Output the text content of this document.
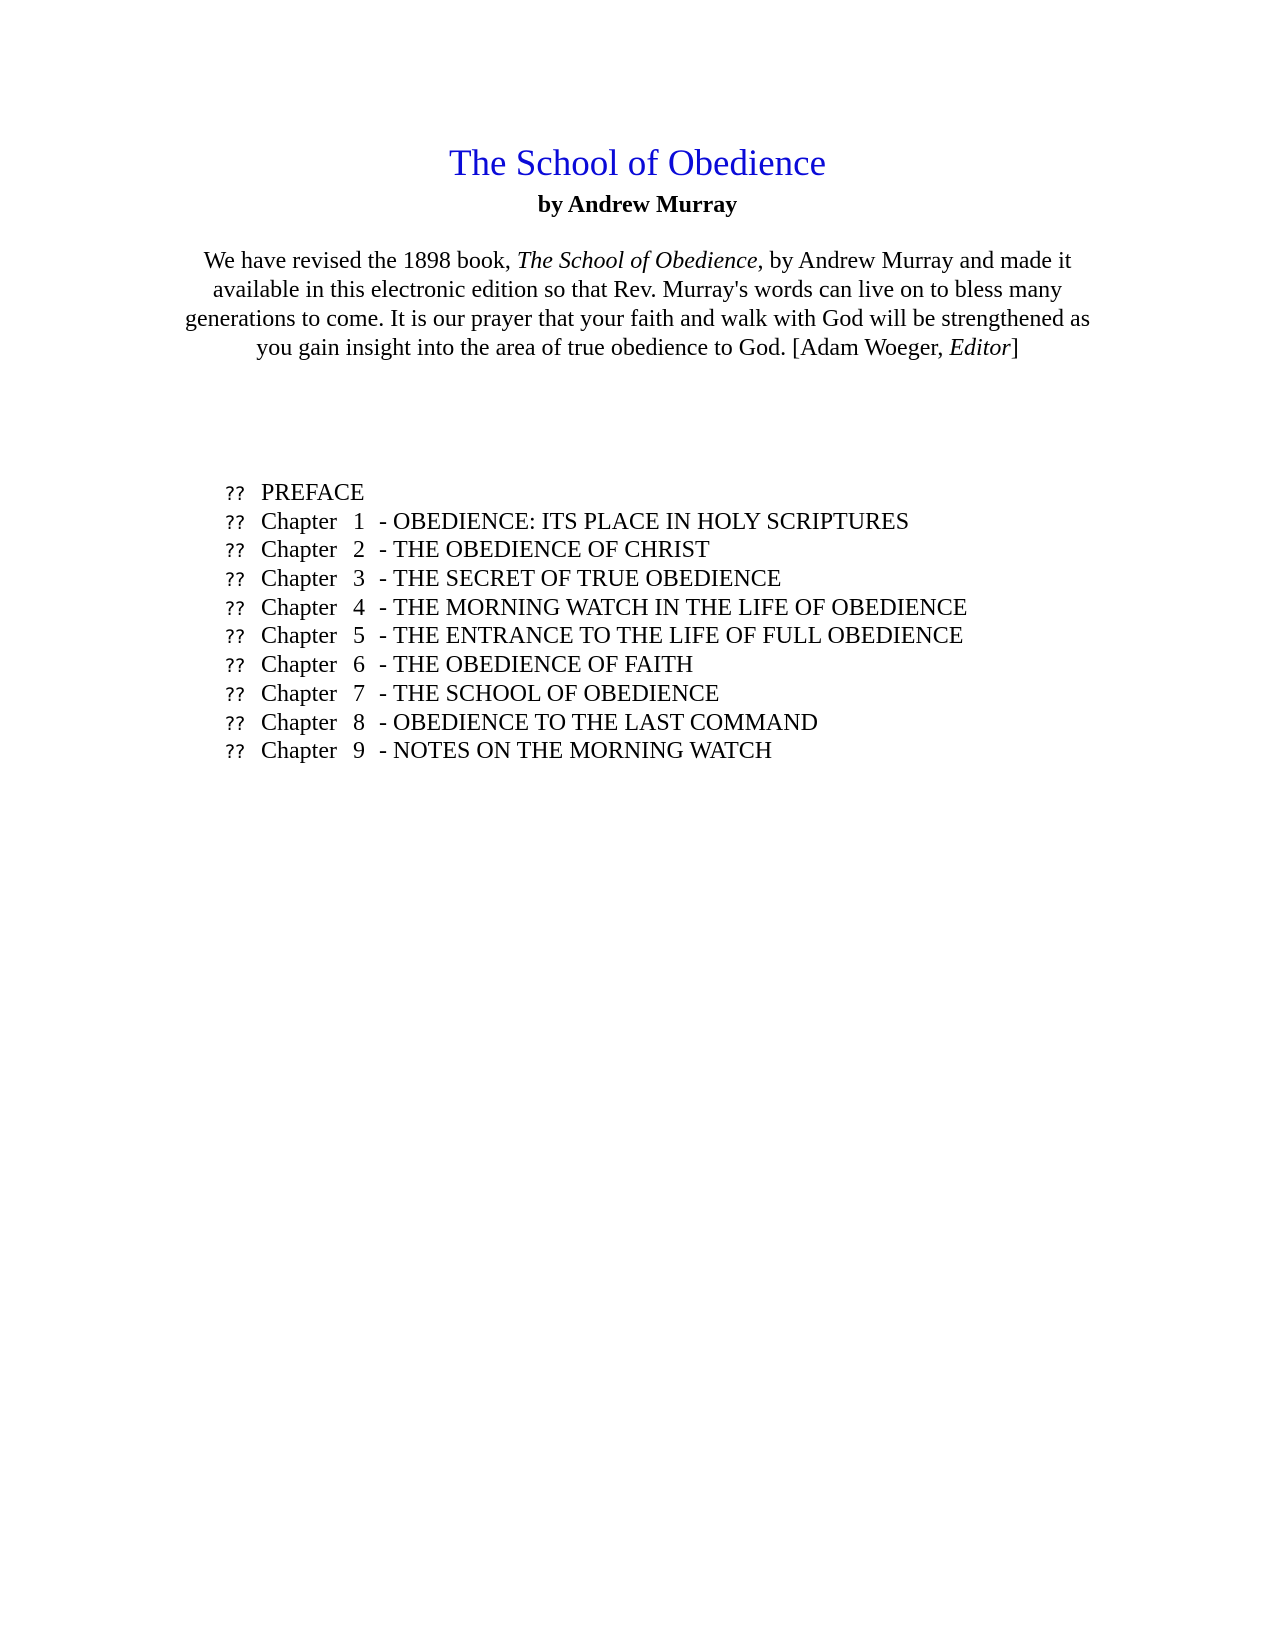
The School of Obedience
by Andrew Murray

We have revised the 1898 book, The School of Obedience, by Andrew Murray and made it available in this electronic edition so that Rev. Murray's words can live on to bless many generations to come. It is our prayer that your faith and walk with God will be strengthened as you gain insight into the area of true obedience to God. [Adam Woeger, Editor]

?? PREFACE
?? Chapter 1 - OBEDIENCE: ITS PLACE IN HOLY SCRIPTURES
?? Chapter 2 - THE OBEDIENCE OF CHRIST
?? Chapter 3 - THE SECRET OF TRUE OBEDIENCE
?? Chapter 4 - THE MORNING WATCH IN THE LIFE OF OBEDIENCE
?? Chapter 5 - THE ENTRANCE TO THE LIFE OF FULL OBEDIENCE
?? Chapter 6 - THE OBEDIENCE OF FAITH
?? Chapter 7 - THE SCHOOL OF OBEDIENCE
?? Chapter 8 - OBEDIENCE TO THE LAST COMMAND
?? Chapter 9 - NOTES ON THE MORNING WATCH
